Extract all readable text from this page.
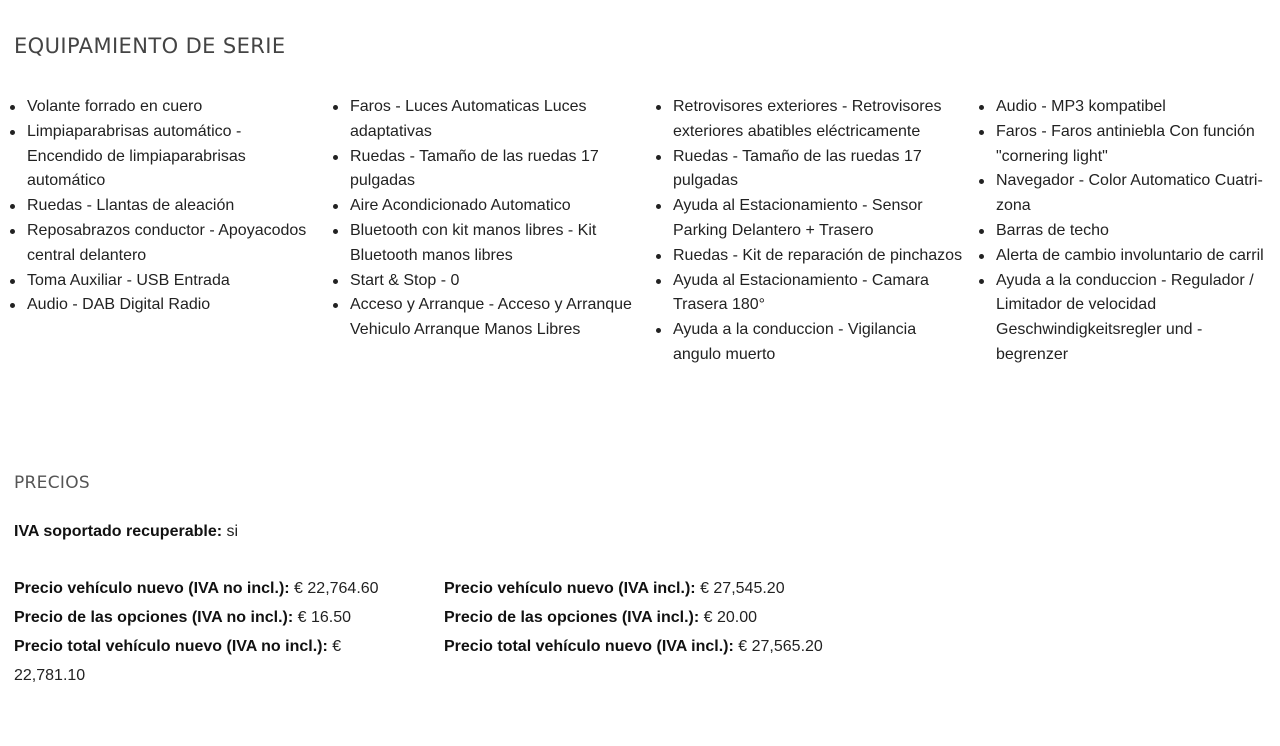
EQUIPAMIENTO DE SERIE
Volante forrado en cuero
Limpiaparabrisas automático - Encendido de limpiaparabrisas automático
Ruedas - Llantas de aleación
Reposabrazos conductor - Apoyacodos central delantero
Toma Auxiliar - USB Entrada
Audio - DAB Digital Radio
Faros - Luces Automaticas Luces adaptativas
Ruedas - Tamaño de las ruedas 17 pulgadas
Aire Acondicionado Automatico
Bluetooth con kit manos libres - Kit Bluetooth manos libres
Start & Stop - 0
Acceso y Arranque - Acceso y Arranque Vehiculo Arranque Manos Libres
Retrovisores exteriores - Retrovisores exteriores abatibles eléctricamente
Ruedas - Tamaño de las ruedas 17 pulgadas
Ayuda al Estacionamiento - Sensor Parking Delantero + Trasero
Ruedas - Kit de reparación de pinchazos
Ayuda al Estacionamiento - Camara Trasera 180°
Ayuda a la conduccion - Vigilancia angulo muerto
Audio - MP3 kompatibel
Faros - Faros antiniebla Con función "cornering light"
Navegador - Color Automatico Cuatri-zona
Barras de techo
Alerta de cambio involuntario de carril
Ayuda a la conduccion - Regulador / Limitador de velocidad Geschwindigkeitsregler und -begrenzer
PRECIOS
IVA soportado recuperable: si
Precio vehículo nuevo (IVA no incl.): € 22,764.60
Precio de las opciones (IVA no incl.): € 16.50
Precio total vehículo nuevo (IVA no incl.): € 22,781.10
Precio vehículo nuevo (IVA incl.): € 27,545.20
Precio de las opciones (IVA incl.): € 20.00
Precio total vehículo nuevo (IVA incl.): € 27,565.20
